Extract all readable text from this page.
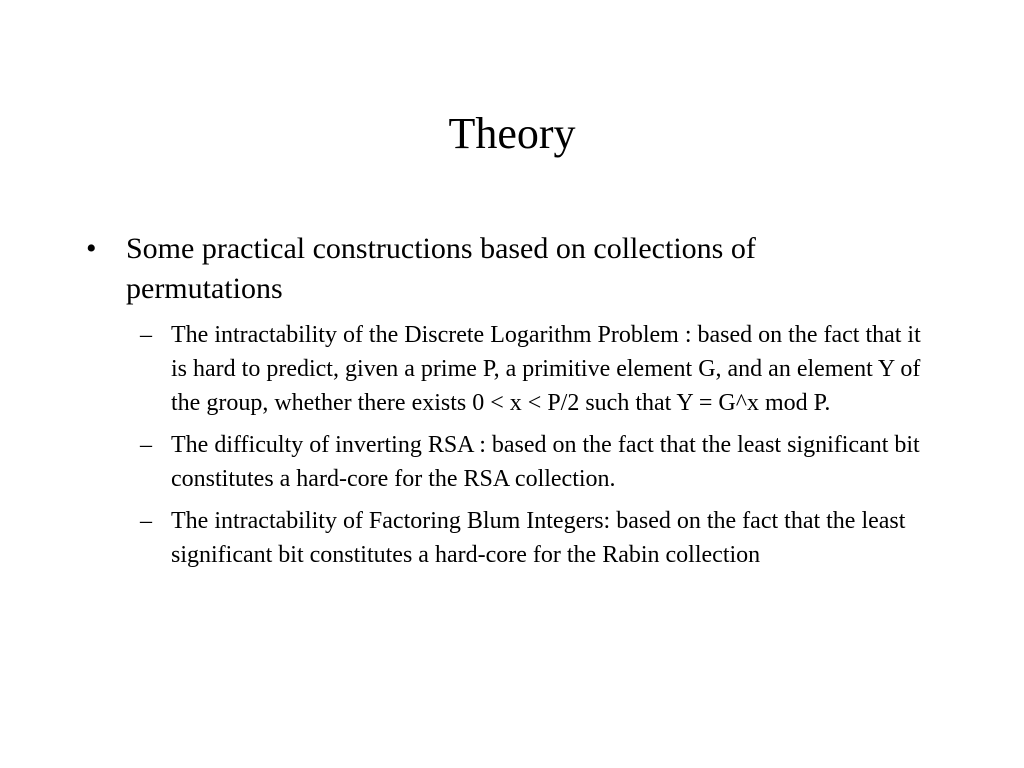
Theory
• Some practical constructions based on collections of permutations
– The intractability of the Discrete Logarithm Problem : based on the fact that it is hard to predict, given a prime P, a primitive element G, and an element Y of the group, whether there exists 0 < x < P/2 such that Y = G^x mod P.
– The difficulty of inverting RSA : based on the fact that the least significant bit constitutes a hard-core for the RSA collection.
– The intractability of Factoring Blum Integers: based on the fact that the least significant bit constitutes a hard-core for the Rabin collection
